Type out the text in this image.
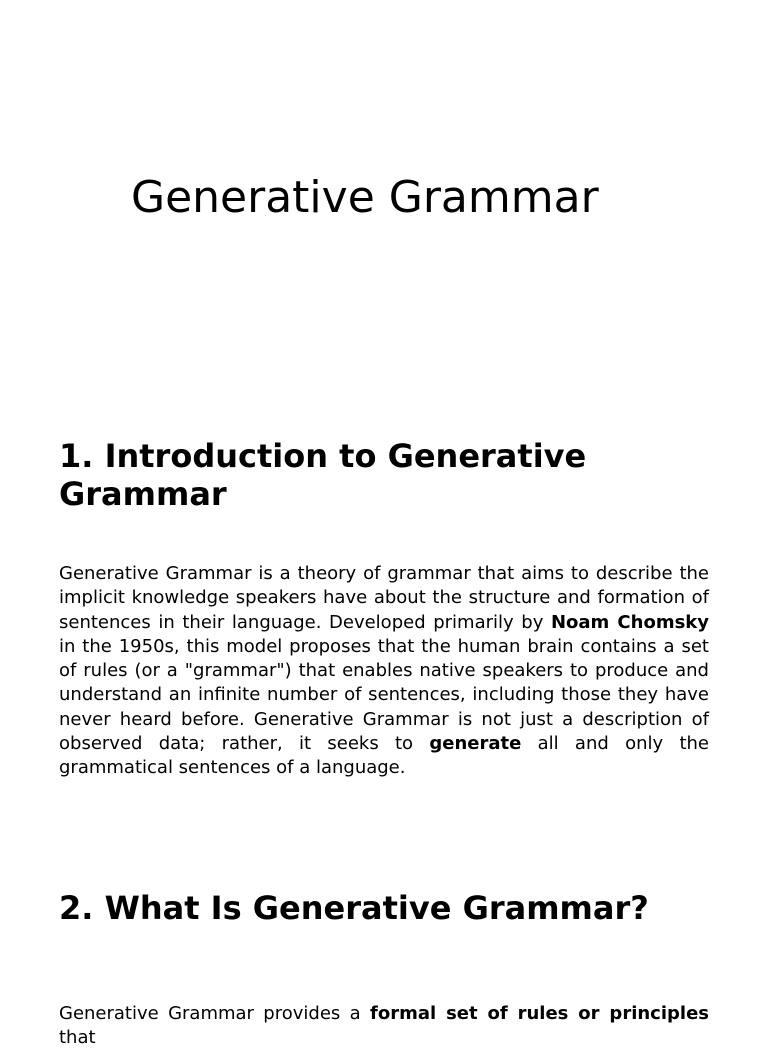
Generative Grammar
1. Introduction to Generative Grammar

Generative Grammar is a theory of grammar that aims to describe the implicit knowledge speakers have about the structure and formation of sentences in their language. Developed primarily by Noam Chomsky in the 1950s, this model proposes that the human brain contains a set of rules (or a "grammar") that enables native speakers to produce and understand an infinite number of sentences, including those they have never heard before. Generative Grammar is not just a description of observed data; rather, it seeks to generate all and only the grammatical sentences of a language.

2. What Is Generative Grammar?

Generative Grammar provides a formal set of rules or principles that
